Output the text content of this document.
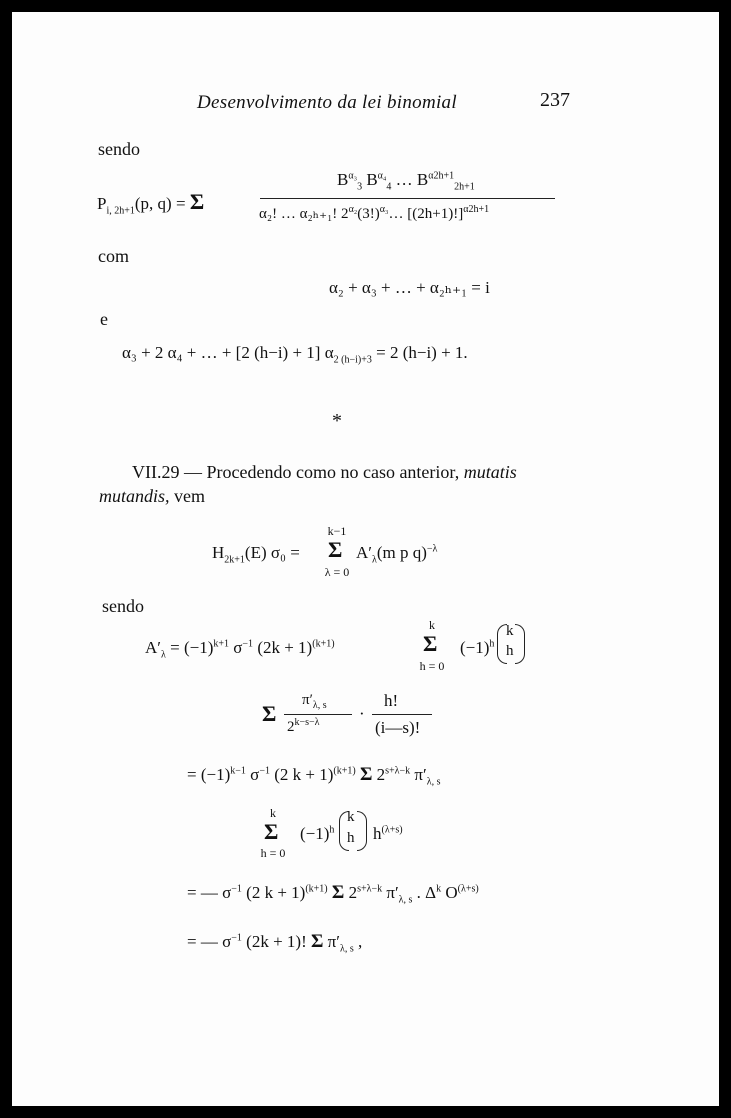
Desenvolvimento da lei binomial	237
sendo
$P_{i, 2h+1}(p$, q) = Σ
$B^{\alpha_3}_3$ $B^{\alpha_4}_4$ … $B^{\alpha 2h+1}_{2h+1}$
α₂! … α₂ₕ₊₁! $2^{\alpha_2}(3!)^{\alpha_3}\dots$ $[(2h+1)!]^{\alpha 2h+1}$
com
α₂ + α₃ + … + α₂ₕ₊₁ = i
e
α₃ + 2 α₄ + … + [2 (h−i) + 1] $\alpha_{2 (h-i)+3} = 2$ (h−i) + 1.
*
VII.29 — Procedendo como no caso anterior, mutatis
mutandis, vem
$H_{2k+1}(E) \sigma_0$ =
k−1
Σ
λ = 0
$A'_\lambda(m$ p q)$^{-\lambda}$
sendo
$A'_\lambda = (-1)^{k+1}$ $\sigma^{-1}$ $(2k + 1)^{(k+1)}$
k
Σ
h = 0
$(-1)^h$
k
h
Σ
$\pi'_{\lambda, s}$
$2^{k-s-\lambda}$ ·
h!
(i—s)!
= $(-1)^{k-1}$ $\sigma^{-1}$ (2 k + 1)$^{(k+1)}$ Σ $2^{s+\lambda-k}$ $\pi'_{\lambda, s}$
k
Σ
h = 0
$(-1)^h$
k
h $h^{(\lambda+s)}$
= — $\sigma^{-1}$ (2 k + 1)$^{(k+1)}$ Σ $2^{s+\lambda-k}$ $\pi'_{\lambda, s}$ . $\Delta^k$ $O^{(\lambda+s)}$
= — $\sigma^{-1}$ (2k + 1)! Σ $\pi'_{\lambda, s}$ ,
